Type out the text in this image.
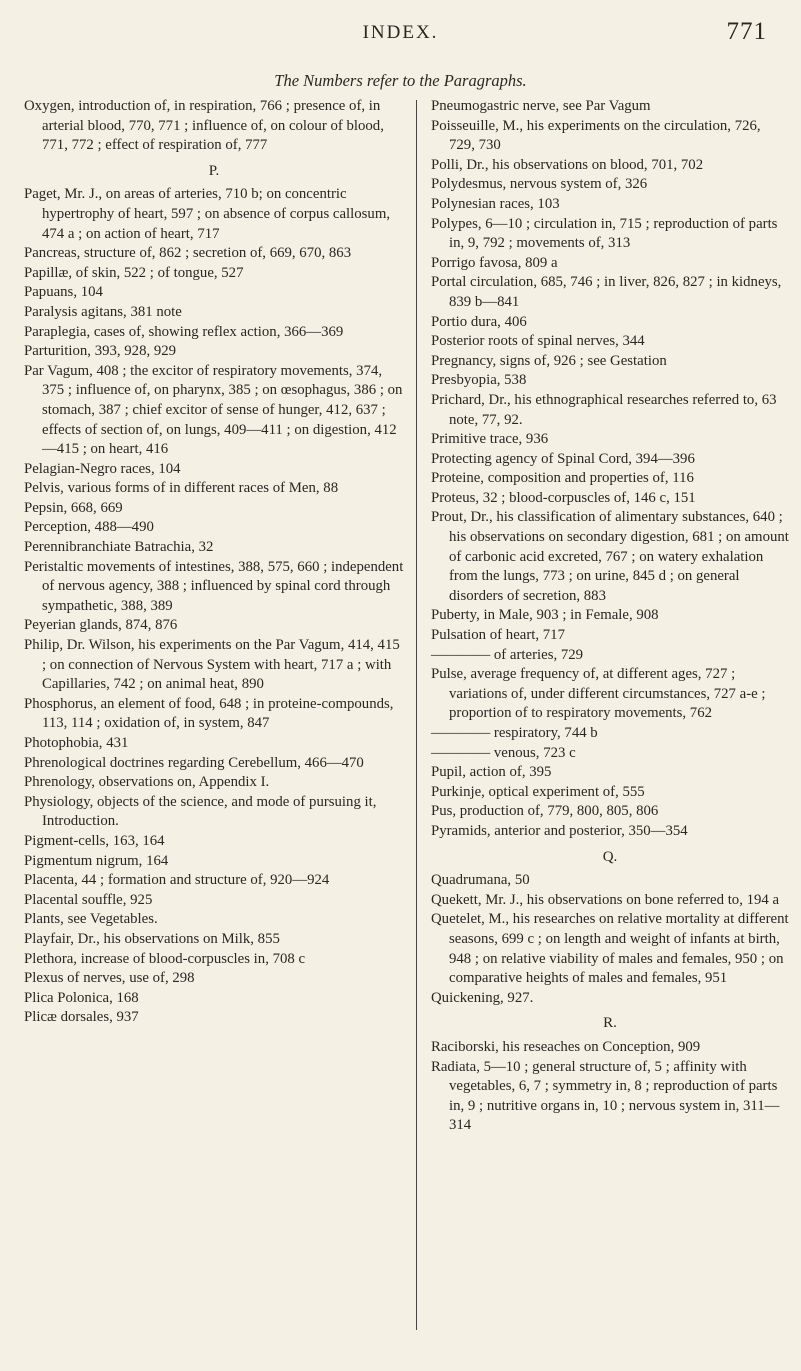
INDEX.	771
The Numbers refer to the Paragraphs.

Oxygen, introduction of, in respiration, 766 ; presence of, in arterial blood, 770, 771 ; influence of, on colour of blood, 771, 772 ; effect of respiration of, 777

P.

Paget, Mr. J., on areas of arteries, 710 b; on concentric hypertrophy of heart, 597 ; on absence of corpus callosum, 474 a ; on action of heart, 717

Pancreas, structure of, 862 ; secretion of, 669, 670, 863

Papillæ, of skin, 522 ; of tongue, 527

Papuans, 104

Paralysis agitans, 381 note

Paraplegia, cases of, showing reflex action, 366—369

Parturition, 393, 928, 929

Par Vagum, 408 ; the excitor of respiratory movements, 374, 375 ; influence of, on pharynx, 385 ; on œsophagus, 386 ; on stomach, 387 ; chief excitor of sense of hunger, 412, 637 ; effects of section of, on lungs, 409—411 ; on digestion, 412—415 ; on heart, 416

Pelagian-Negro races, 104

Pelvis, various forms of in different races of Men, 88

Pepsin, 668, 669

Perception, 488—490

Perennibranchiate Batrachia, 32

Peristaltic movements of intestines, 388, 575, 660 ; independent of nervous agency, 388 ; influenced by spinal cord through sympathetic, 388, 389

Peyerian glands, 874, 876

Philip, Dr. Wilson, his experiments on the Par Vagum, 414, 415 ; on connection of Nervous System with heart, 717 a ; with Capillaries, 742 ; on animal heat, 890

Phosphorus, an element of food, 648 ; in proteine-compounds, 113, 114 ; oxidation of, in system, 847

Photophobia, 431

Phrenological doctrines regarding Cerebellum, 466—470

Phrenology, observations on, Appendix I.

Physiology, objects of the science, and mode of pursuing it, Introduction.

Pigment-cells, 163, 164

Pigmentum nigrum, 164

Placenta, 44 ; formation and structure of, 920—924

Placental souffle, 925

Plants, see Vegetables.

Playfair, Dr., his observations on Milk, 855

Plethora, increase of blood-corpuscles in, 708 c

Plexus of nerves, use of, 298

Plica Polonica, 168

Plicæ dorsales, 937

Pneumogastric nerve, see Par Vagum

Poisseuille, M., his experiments on the circulation, 726, 729, 730

Polli, Dr., his observations on blood, 701, 702

Polydesmus, nervous system of, 326

Polynesian races, 103

Polypes, 6—10 ; circulation in, 715 ; reproduction of parts in, 9, 792 ; movements of, 313

Porrigo favosa, 809 a

Portal circulation, 685, 746 ; in liver, 826, 827 ; in kidneys, 839 b—841

Portio dura, 406

Posterior roots of spinal nerves, 344

Pregnancy, signs of, 926 ; see Gestation

Presbyopia, 538

Prichard, Dr., his ethnographical researches referred to, 63 note, 77, 92.

Primitive trace, 936

Protecting agency of Spinal Cord, 394—396

Proteine, composition and properties of, 116

Proteus, 32 ; blood-corpuscles of, 146 c, 151

Prout, Dr., his classification of alimentary substances, 640 ; his observations on secondary digestion, 681 ; on amount of carbonic acid excreted, 767 ; on watery exhalation from the lungs, 773 ; on urine, 845 d ; on general disorders of secretion, 883

Puberty, in Male, 903 ; in Female, 908

Pulsation of heart, 717

———— of arteries, 729

Pulse, average frequency of, at different ages, 727 ; variations of, under different circumstances, 727 a-e ; proportion of to respiratory movements, 762

———— respiratory, 744 b

———— venous, 723 c

Pupil, action of, 395

Purkinje, optical experiment of, 555

Pus, production of, 779, 800, 805, 806

Pyramids, anterior and posterior, 350—354

Q.

Quadrumana, 50

Quekett, Mr. J., his observations on bone referred to, 194 a

Quetelet, M., his researches on relative mortality at different seasons, 699 c ; on length and weight of infants at birth, 948 ; on relative viability of males and females, 950 ; on comparative heights of males and females, 951

Quickening, 927.

R.

Raciborski, his reseaches on Conception, 909

Radiata, 5—10 ; general structure of, 5 ; affinity with vegetables, 6, 7 ; symmetry in, 8 ; reproduction of parts in, 9 ; nutritive organs in, 10 ; nervous system in, 311—314
